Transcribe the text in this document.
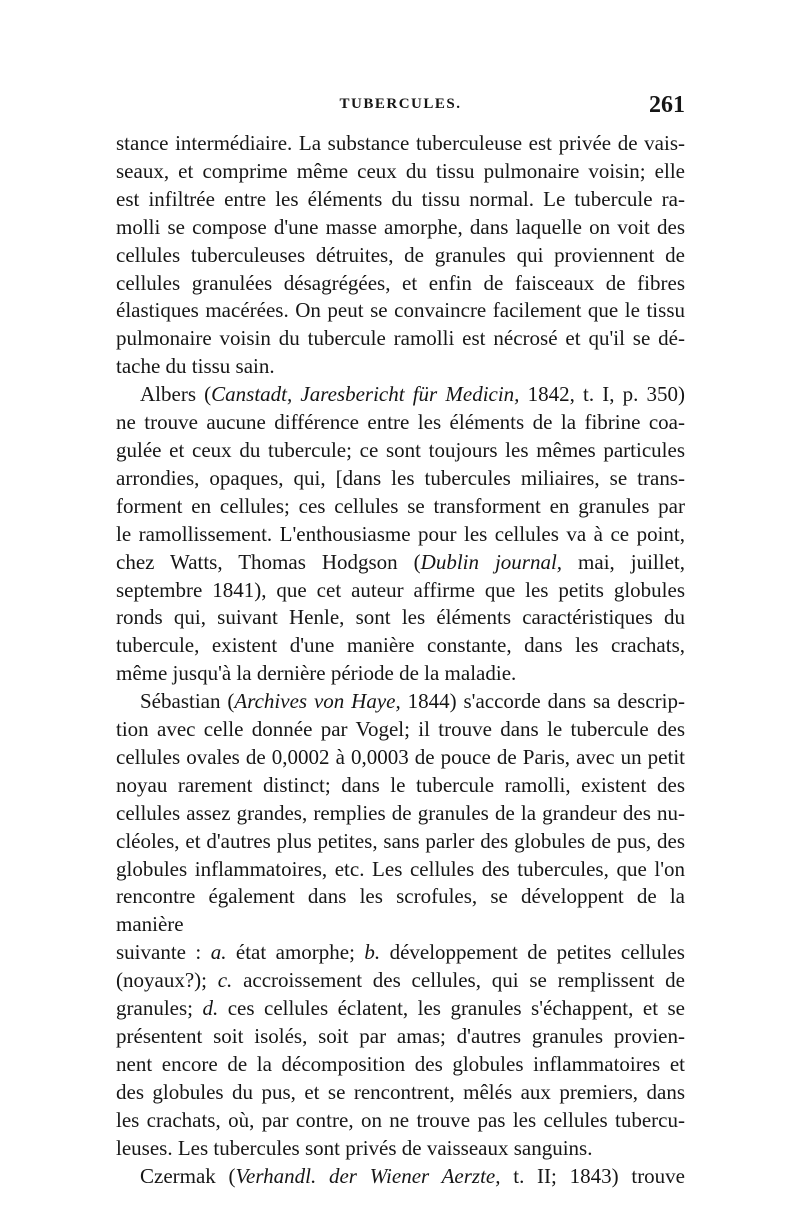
TUBERCULES.	261

stance intermédiaire. La substance tuberculeuse est privée de vais-

seaux, et comprime même ceux du tissu pulmonaire voisin; elle

est infiltrée entre les éléments du tissu normal. Le tubercule ra-

molli se compose d'une masse amorphe, dans laquelle on voit des

cellules tuberculeuses détruites, de granules qui proviennent de

cellules granulées désagrégées, et enfin de faisceaux de fibres

élastiques macérées. On peut se convaincre facilement que le tissu

pulmonaire voisin du tubercule ramolli est nécrosé et qu'il se dé-

tache du tissu sain.

Albers (Canstadt, Jaresbericht für Medicin, 1842, t. I, p. 350)

ne trouve aucune différence entre les éléments de la fibrine coa-

gulée et ceux du tubercule; ce sont toujours les mêmes particules

arrondies, opaques, qui, [dans les tubercules miliaires, se trans-

forment en cellules; ces cellules se transforment en granules par

le ramollissement. L'enthousiasme pour les cellules va à ce point,

chez Watts, Thomas Hodgson (Dublin journal, mai, juillet,

septembre 1841), que cet auteur affirme que les petits globules

ronds qui, suivant Henle, sont les éléments caractéristiques du

tubercule, existent d'une manière constante, dans les crachats,

même jusqu'à la dernière période de la maladie.

Sébastian (Archives von Haye, 1844) s'accorde dans sa descrip-

tion avec celle donnée par Vogel; il trouve dans le tubercule des

cellules ovales de 0,0002 à 0,0003 de pouce de Paris, avec un petit

noyau rarement distinct; dans le tubercule ramolli, existent des

cellules assez grandes, remplies de granules de la grandeur des nu-

cléoles, et d'autres plus petites, sans parler des globules de pus, des

globules inflammatoires, etc. Les cellules des tubercules, que l'on

rencontre également dans les scrofules, se développent de la manière

suivante : a. état amorphe; b. développement de petites cellules

(noyaux?); c. accroissement des cellules, qui se remplissent de

granules; d. ces cellules éclatent, les granules s'échappent, et se

présentent soit isolés, soit par amas; d'autres granules provien-

nent encore de la décomposition des globules inflammatoires et

des globules du pus, et se rencontrent, mêlés aux premiers, dans

les crachats, où, par contre, on ne trouve pas les cellules tubercu-

leuses. Les tubercules sont privés de vaisseaux sanguins.

Czermak (Verhandl. der Wiener Aerzte, t. II; 1843) trouve
